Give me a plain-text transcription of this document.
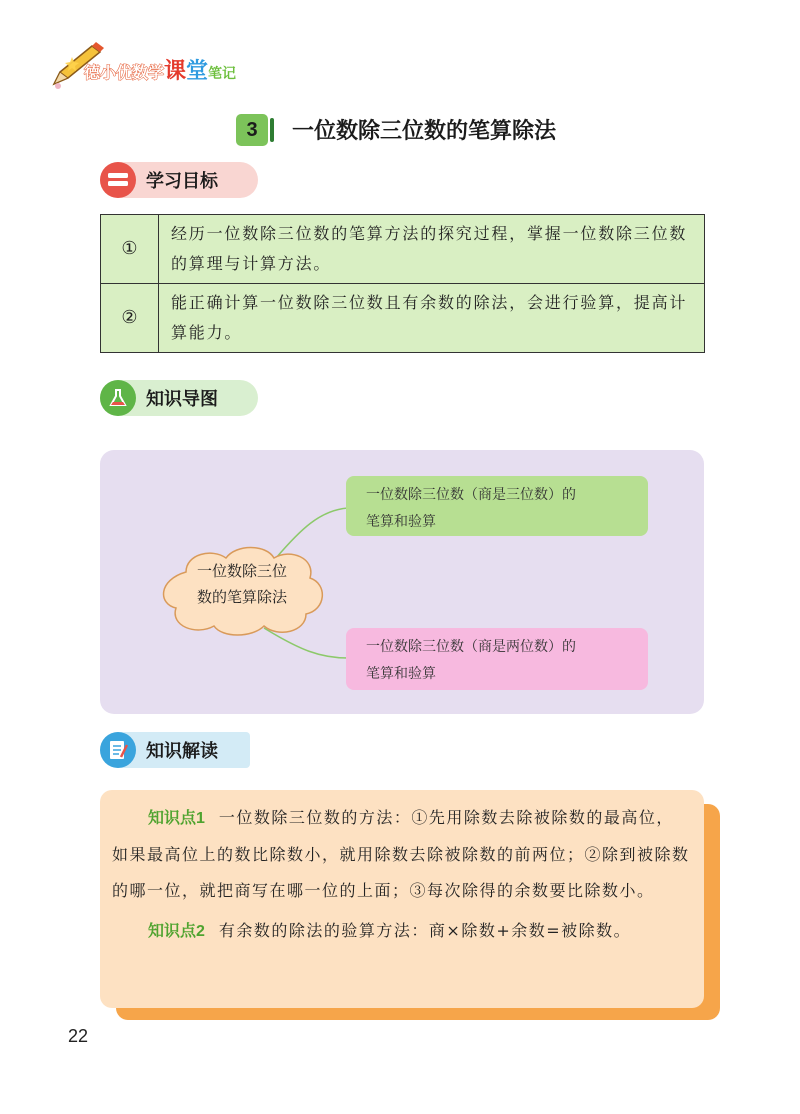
德小优数学课堂笔记
3	一位数除三位数的笔算除法
学习目标
①	经历一位数除三位数的笔算方法的探究过程，掌握一位数除三位数的算理与计算方法。
②	能正确计算一位数除三位数且有余数的除法，会进行验算，提高计算能力。
知识导图
一位数除三位
数的笔算除法
一位数除三位数（商是三位数）的
笔算和验算
一位数除三位数（商是两位数）的
笔算和验算
知识解读

知识点1 一位数除三位数的方法：①先用除数去除被除数的最高位，如果最高位上的数比除数小，就用除数去除被除数的前两位；②除到被除数的哪一位，就把商写在哪一位的上面；③每次除得的余数要比除数小。

知识点2 有余数的除法的验算方法：商×除数+余数=被除数。

22
